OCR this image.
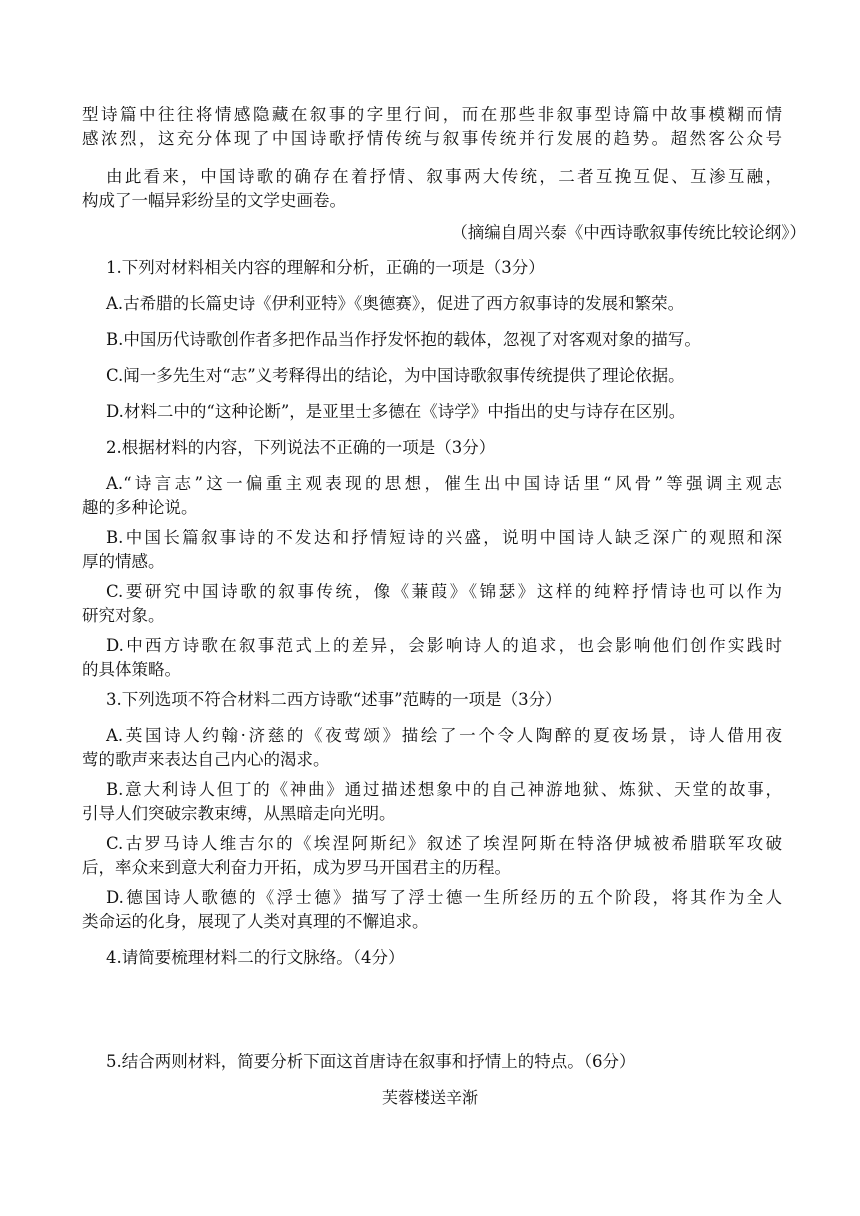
型诗篇中往往将情感隐藏在叙事的字里行间，而在那些非叙事型诗篇中故事模糊而情
感浓烈，这充分体现了中国诗歌抒情传统与叙事传统并行发展的趋势。超然客公众号
由此看来，中国诗歌的确存在着抒情、叙事两大传统，二者互挽互促、互渗互融，
构成了一幅异彩纷呈的文学史画卷。
（摘编自周兴泰《中西诗歌叙事传统比较论纲》）
1.下列对材料相关内容的理解和分析，正确的一项是（3分）
A.古希腊的长篇史诗《伊利亚特》《奥德赛》，促进了西方叙事诗的发展和繁荣。
B.中国历代诗歌创作者多把作品当作抒发怀抱的载体，忽视了对客观对象的描写。
C.闻一多先生对“志”义考释得出的结论，为中国诗歌叙事传统提供了理论依据。
D.材料二中的“这种论断”，是亚里士多德在《诗学》中指出的史与诗存在区别。
2.根据材料的内容，下列说法不正确的一项是（3分）
A.“诗言志”这一偏重主观表现的思想，催生出中国诗话里“风骨”等强调主观志
趣的多种论说。
B.中国长篇叙事诗的不发达和抒情短诗的兴盛，说明中国诗人缺乏深广的观照和深
厚的情感。
C.要研究中国诗歌的叙事传统，像《蒹葭》《锦瑟》这样的纯粹抒情诗也可以作为
研究对象。
D.中西方诗歌在叙事范式上的差异，会影响诗人的追求，也会影响他们创作实践时
的具体策略。
3.下列选项不符合材料二西方诗歌“述事”范畴的一项是（3分）
A.英国诗人约翰·济慈的《夜莺颂》描绘了一个令人陶醉的夏夜场景，诗人借用夜
莺的歌声来表达自己内心的渴求。
B.意大利诗人但丁的《神曲》通过描述想象中的自己神游地狱、炼狱、天堂的故事，
引导人们突破宗教束缚，从黑暗走向光明。
C.古罗马诗人维吉尔的《埃涅阿斯纪》叙述了埃涅阿斯在特洛伊城被希腊联军攻破
后，率众来到意大利奋力开拓，成为罗马开国君主的历程。
D.德国诗人歌德的《浮士德》描写了浮士德一生所经历的五个阶段，将其作为全人
类命运的化身，展现了人类对真理的不懈追求。
4.请简要梳理材料二的行文脉络。（4分）
5.结合两则材料，简要分析下面这首唐诗在叙事和抒情上的特点。（6分）
芙蓉楼送辛渐
